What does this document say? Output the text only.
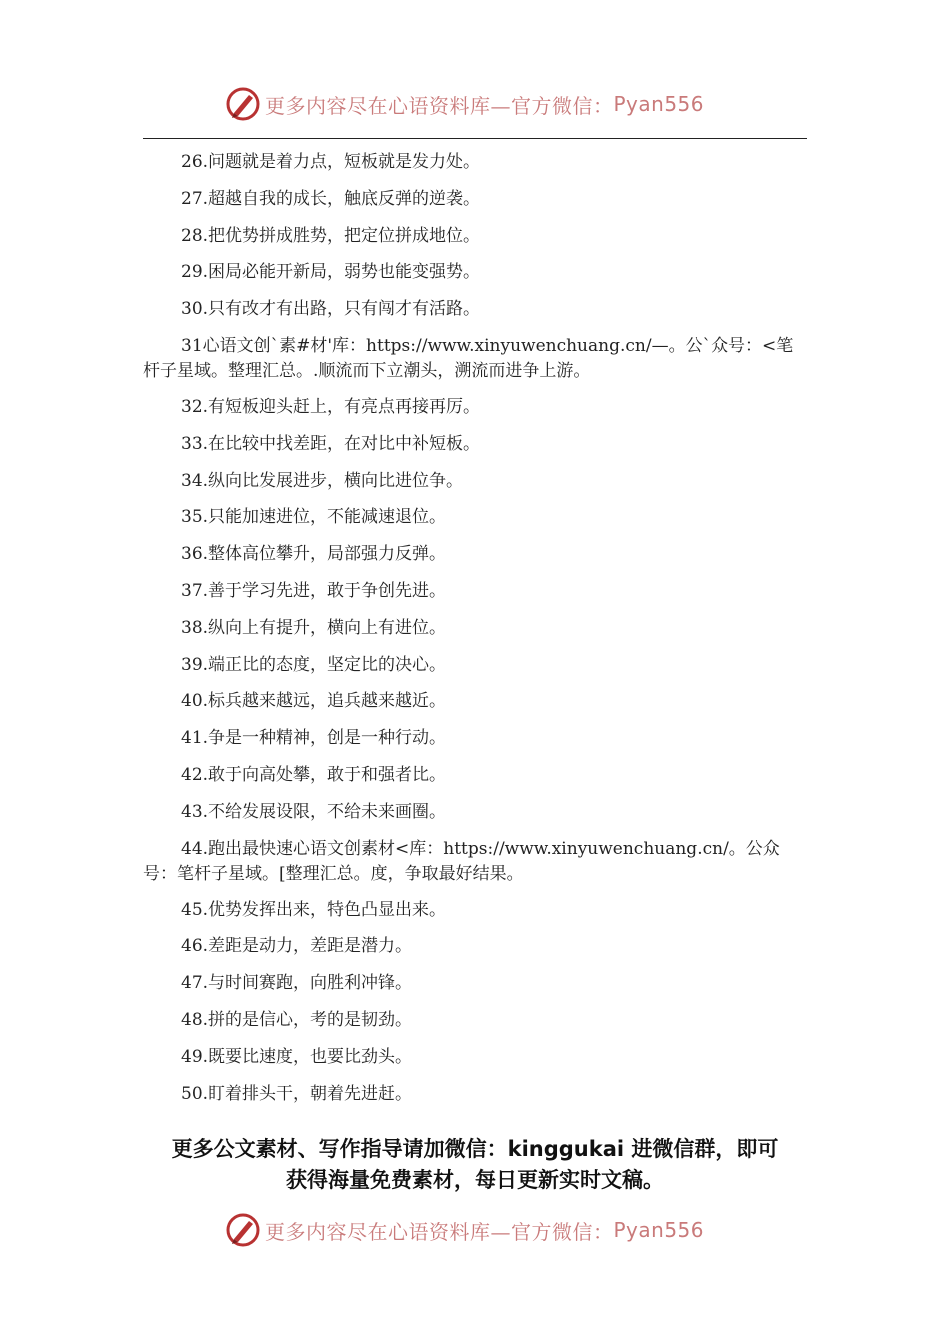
更多内容尽在心语资料库—官方微信： Pyan556
26.问题就是着力点，短板就是发力处。
27.超越自我的成长，触底反弹的逆袭。
28.把优势拼成胜势，把定位拼成地位。
29.困局必能开新局，弱势也能变强势。
30.只有改才有出路，只有闯才有活路。
31心语文创`素#材'库：https://www.xinyuwenchuang.cn/—。公`众号：<笔杆子星域。整理汇总。.顺流而下立潮头，溯流而进争上游。
32.有短板迎头赶上，有亮点再接再厉。
33.在比较中找差距，在对比中补短板。
34.纵向比发展进步，横向比进位争。
35.只能加速进位，不能减速退位。
36.整体高位攀升，局部强力反弹。
37.善于学习先进，敢于争创先进。
38.纵向上有提升，横向上有进位。
39.端正比的态度，坚定比的决心。
40.标兵越来越远，追兵越来越近。
41.争是一种精神，创是一种行动。
42.敢于向高处攀，敢于和强者比。
43.不给发展设限，不给未来画圈。
44.跑出最快速心语文创素材<库：https://www.xinyuwenchuang.cn/。公众号：笔杆子星域。[整理汇总。度，争取最好结果。
45.优势发挥出来，特色凸显出来。
46.差距是动力，差距是潜力。
47.与时间赛跑，向胜利冲锋。
48.拼的是信心，考的是韧劲。
49.既要比速度，也要比劲头。
50.盯着排头干，朝着先进赶。
更多公文素材、写作指导请加微信：kinggukai 进微信群，即可
获得海量免费素材，每日更新实时文稿。
更多内容尽在心语资料库—官方微信： Pyan556
